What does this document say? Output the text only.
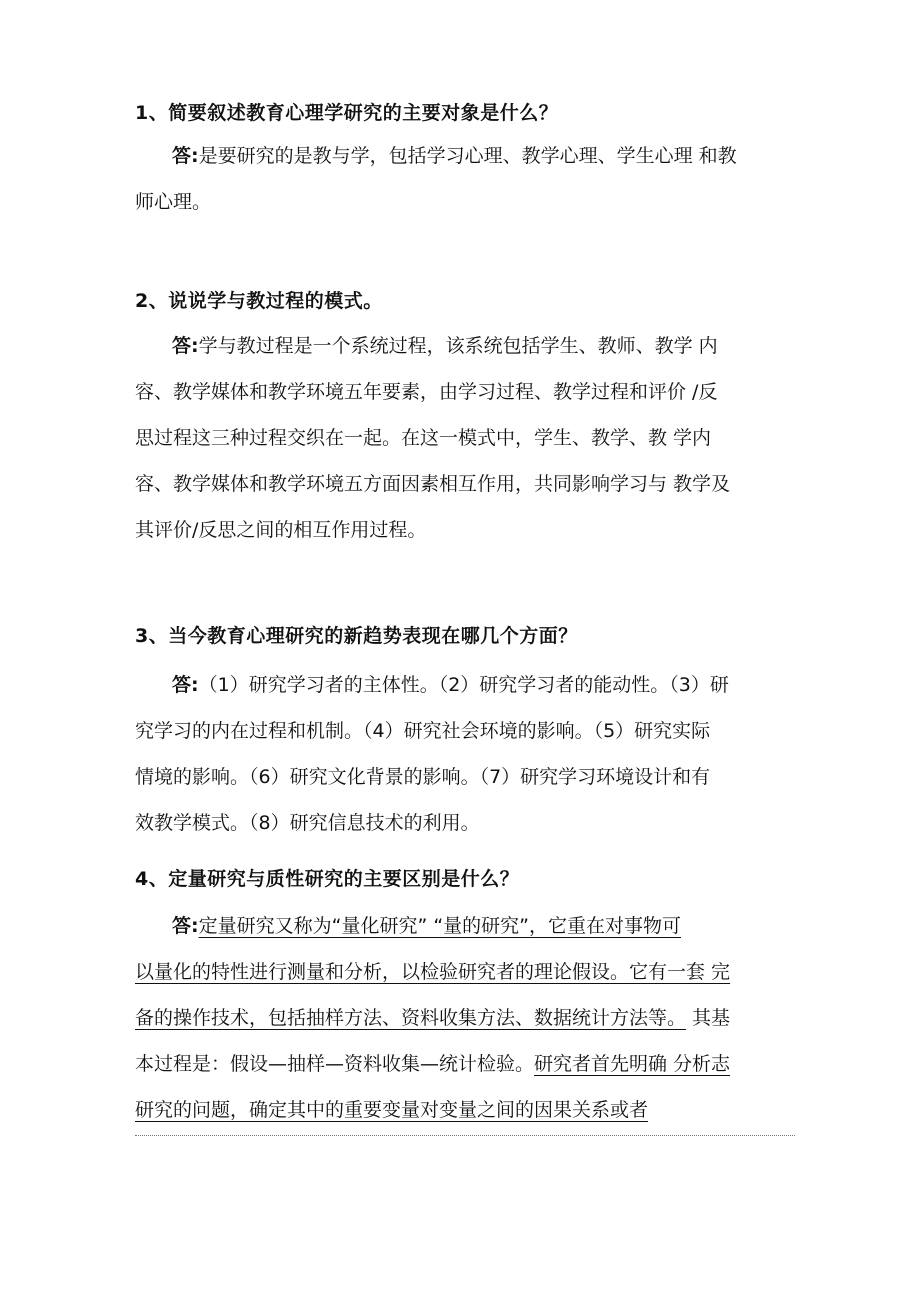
1、简要叙述教育心理学研究的主要对象是什么？
答:是要研究的是教与学，包括学习心理、教学心理、学生心理 和教
师心理。
2、说说学与教过程的模式。
答:学与教过程是一个系统过程，该系统包括学生、教师、教学 内
容、教学媒体和教学环境五年要素，由学习过程、教学过程和评价 /反
思过程这三种过程交织在一起。在这一模式中，学生、教学、教 学内
容、教学媒体和教学环境五方面因素相互作用，共同影响学习与 教学及
其评价/反思之间的相互作用过程。
3、当今教育心理研究的新趋势表现在哪几个方面？
答:（1）研究学习者的主体性。（2）研究学习者的能动性。（3）研
究学习的内在过程和机制。（4）研究社会环境的影响。（5）研究实际
情境的影响。（6）研究文化背景的影响。（7）研究学习环境设计和有
效教学模式。（8）研究信息技术的利用。
4、定量研究与质性研究的主要区别是什么？
答:定量研究又称为“量化研究” “量的研究”，它重在对事物可
以量化的特性进行测量和分析，以检验研究者的理论假设。它有一套 完
备的操作技术，包括抽样方法、资料收集方法、数据统计方法等。 其基
本过程是：假设—抽样—资料收集—统计检验。研究者首先明确 分析志
研究的问题，确定其中的重要变量对变量之间的因果关系或者
